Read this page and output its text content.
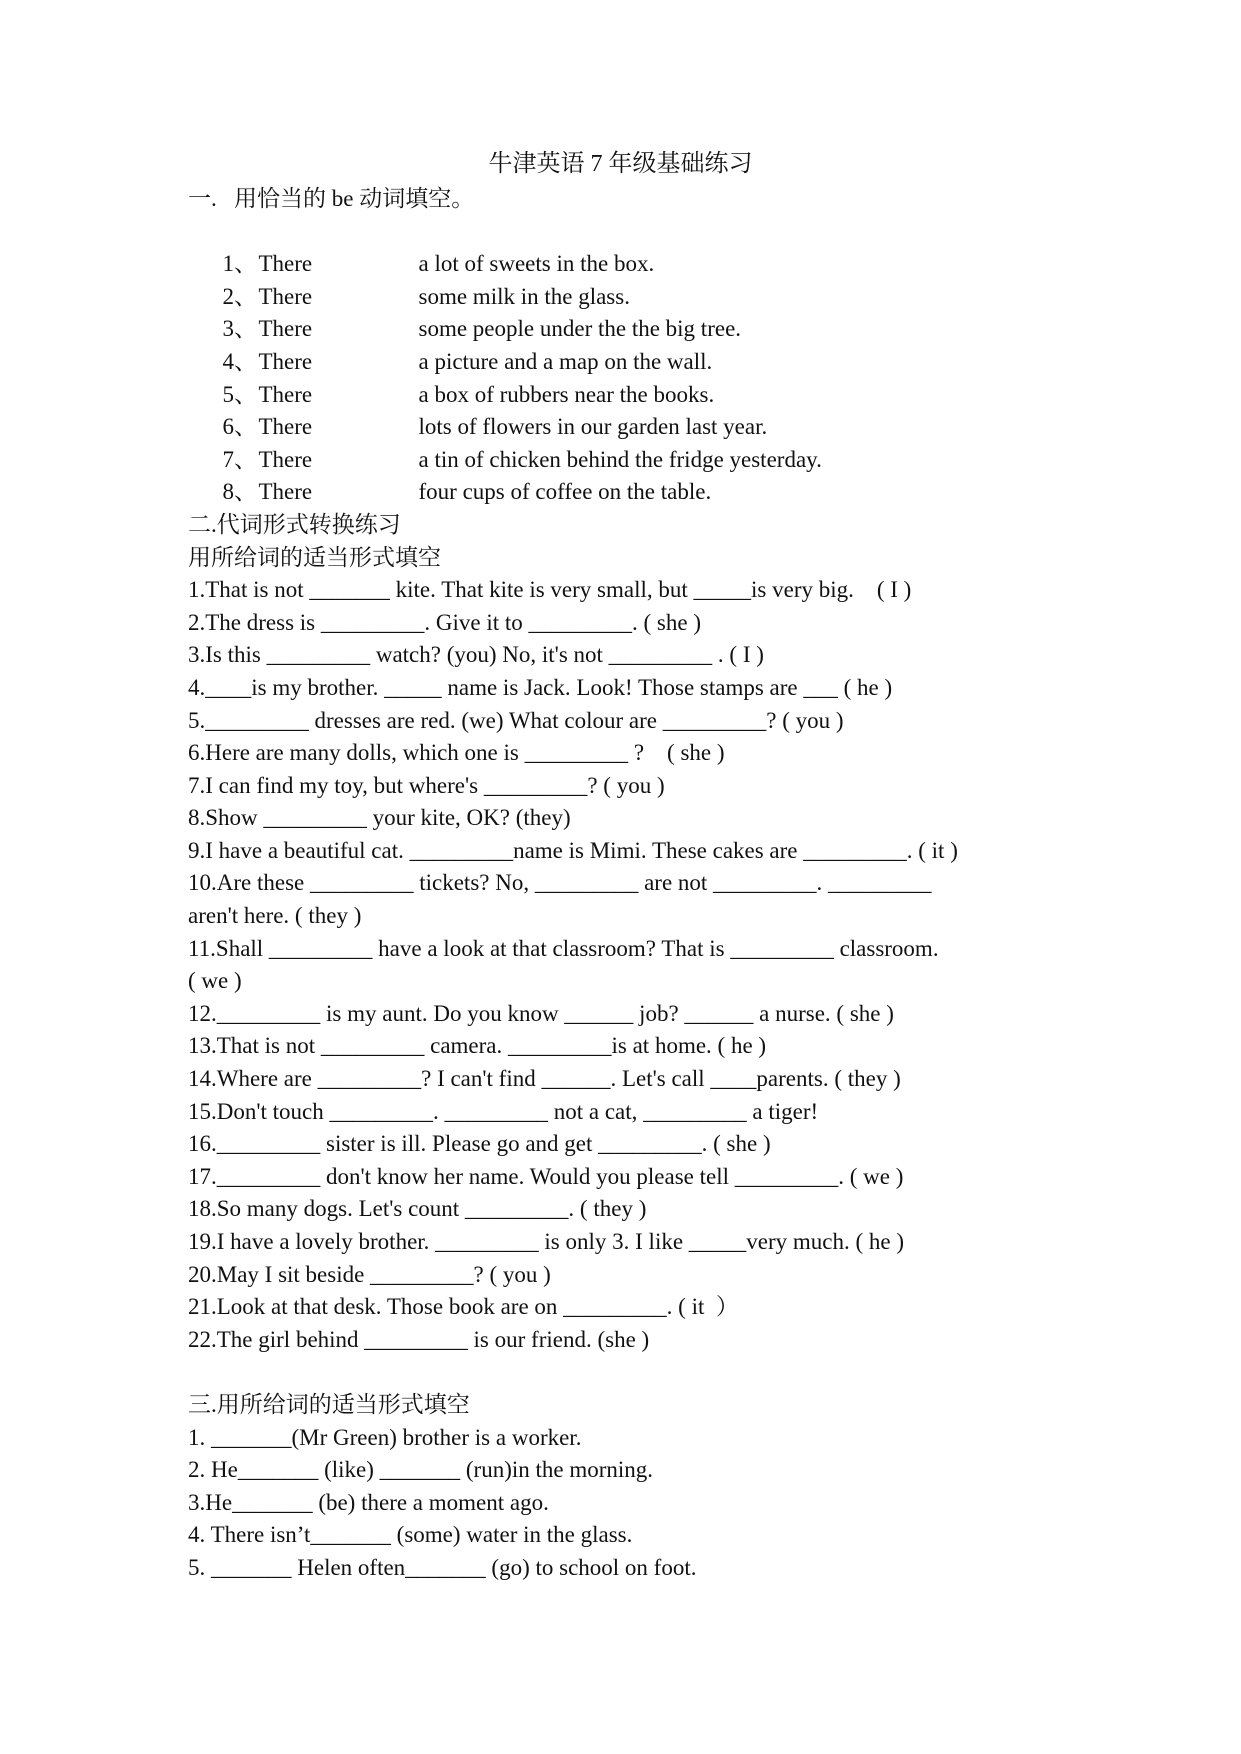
牛津英语 7 年级基础练习
一.   用恰当的 be 动词填空。

1、There	a lot of sweets in the box.

2、There	some milk in the glass.

3、There	some people under the the big tree.

4、There	a picture and a map on the wall.

5、There	a box of rubbers near the books.

6、There	lots of flowers in our garden last year.

7、There	a tin of chicken behind the fridge yesterday.

8、There	four cups of coffee on the table.

二.代词形式转换练习
用所给词的适当形式填空
1.That is not _______ kite. That kite is very small, but _____is very big.    ( I )
2.The dress is _________. Give it to _________. ( she )
3.Is this _________ watch? (you) No, it's not _________ . ( I )
4.____is my brother. _____ name is Jack. Look! Those stamps are ___ ( he )
5._________ dresses are red. (we) What colour are _________? ( you )
6.Here are many dolls, which one is _________ ?    ( she )
7.I can find my toy, but where's _________? ( you )
8.Show _________ your kite, OK? (they)
9.I have a beautiful cat. _________name is Mimi. These cakes are _________. ( it )
10.Are these _________ tickets? No, _________ are not _________. _________
aren't here. ( they )
11.Shall _________ have a look at that classroom? That is _________ classroom.
( we )
12._________ is my aunt. Do you know ______ job? ______ a nurse. ( she )
13.That is not _________ camera. _________is at home. ( he )
14.Where are _________? I can't find ______. Let's call ____parents. ( they )
15.Don't touch _________. _________ not a cat, _________ a tiger!
16._________ sister is ill. Please go and get _________. ( she )
17._________ don't know her name. Would you please tell _________. ( we )
18.So many dogs. Let's count _________. ( they )
19.I have a lovely brother. _________ is only 3. I like _____very much. ( he )
20.May I sit beside _________? ( you )
21.Look at that desk. Those book are on _________. ( it  ）
22.The girl behind _________ is our friend. (she )
三.用所给词的适当形式填空
1. _______(Mr Green) brother is a worker.
2. He_______ (like) _______ (run)in the morning.
3.He_______ (be) there a moment ago.
4. There isn’t_______ (some) water in the glass.
5. _______ Helen often_______ (go) to school on foot.
